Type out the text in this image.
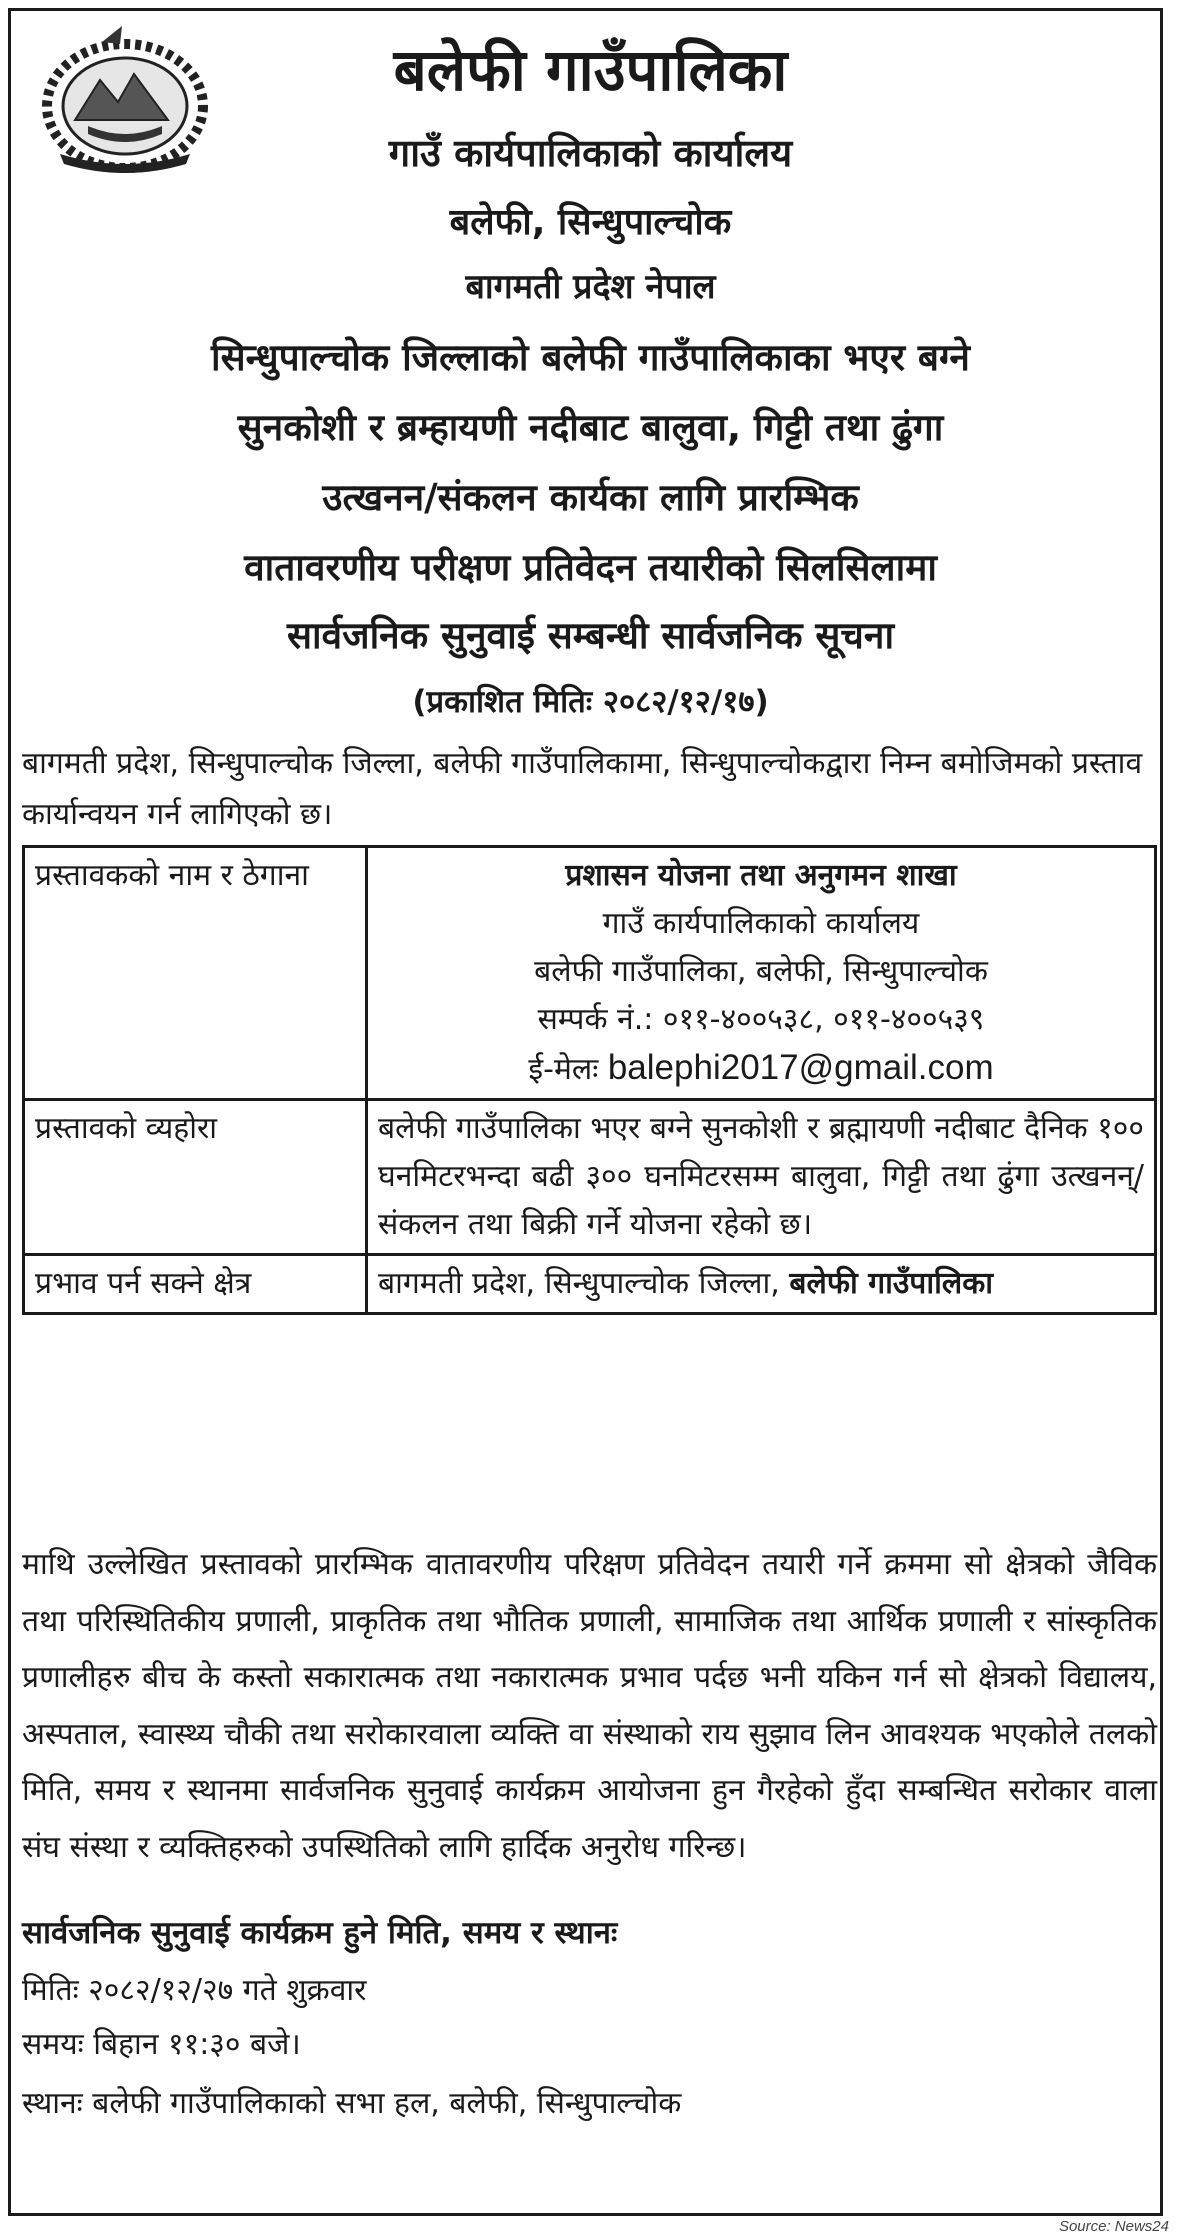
बलेफी गाउँपालिका
गाउँ कार्यपालिकाको कार्यालय
बलेफी, सिन्धुपाल्चोक
बागमती प्रदेश नेपाल
सिन्धुपाल्चोक जिल्लाको बलेफी गाउँपालिकाका भएर बग्ने
सुनकोशी र ब्रम्हायणी नदीबाट बालुवा, गिट्टी तथा ढुंगा
उत्खनन/संकलन कार्यका लागि प्रारम्भिक
वातावरणीय परीक्षण प्रतिवेदन तयारीको सिलसिलामा
सार्वजनिक सुनुवाई सम्बन्धी सार्वजनिक सूचना
(प्रकाशित मितिः २०८२/१२/१७)
बागमती प्रदेश, सिन्धुपाल्चोक जिल्ला, बलेफी गाउँपालिकामा, सिन्धुपाल्चोकद्वारा निम्न बमोजिमको प्रस्ताव कार्यान्वयन गर्न लागिएको छ।
प्रस्तावकको नाम र ठेगाना	प्रशासन योजना तथा अनुगमन शाखा
गाउँ कार्यपालिकाको कार्यालय
बलेफी गाउँपालिका, बलेफी, सिन्धुपाल्चोक
सम्पर्क नं.: ०११-४००५३८, ०११-४००५३९
ई-मेलः balephi2017@gmail.com

प्रस्तावको व्यहोरा	बलेफी गाउँपालिका भएर बग्ने सुनकोशी र ब्रह्मायणी नदीबाट दैनिक १०० घनमिटरभन्दा बढी ३०० घनमिटरसम्म बालुवा, गिट्टी तथा ढुंगा उत्खनन्/संकलन तथा बिक्री गर्ने योजना रहेको छ।
प्रभाव पर्न सक्ने क्षेत्र	बागमती प्रदेश, सिन्धुपाल्चोक जिल्ला, बलेफी गाउँपालिका
माथि उल्लेखित प्रस्तावको प्रारम्भिक वातावरणीय परिक्षण प्रतिवेदन तयारी गर्ने क्रममा सो क्षेत्रको जैविक तथा परिस्थितिकीय प्रणाली, प्राकृतिक तथा भौतिक प्रणाली, सामाजिक तथा आर्थिक प्रणाली र सांस्कृतिक प्रणालीहरु बीच के कस्तो सकारात्मक तथा नकारात्मक प्रभाव पर्दछ भनी यकिन गर्न सो क्षेत्रको विद्यालय, अस्पताल, स्वास्थ्य चौकी तथा सरोकारवाला व्यक्ति वा संस्थाको राय सुझाव लिन आवश्यक भएकोले तलको मिति, समय र स्थानमा सार्वजनिक सुनुवाई कार्यक्रम आयोजना हुन गैरहेको हुँदा सम्बन्धित सरोकार वाला संघ संस्था र व्यक्तिहरुको उपस्थितिको लागि हार्दिक अनुरोध गरिन्छ।
सार्वजनिक सुनुवाई कार्यक्रम हुने मिति, समय र स्थानः
मितिः २०८२/१२/२७ गते शुक्रवार
समयः बिहान ११:३० बजे।
स्थानः बलेफी गाउँपालिकाको सभा हल, बलेफी, सिन्धुपाल्चोक
Source: News24
